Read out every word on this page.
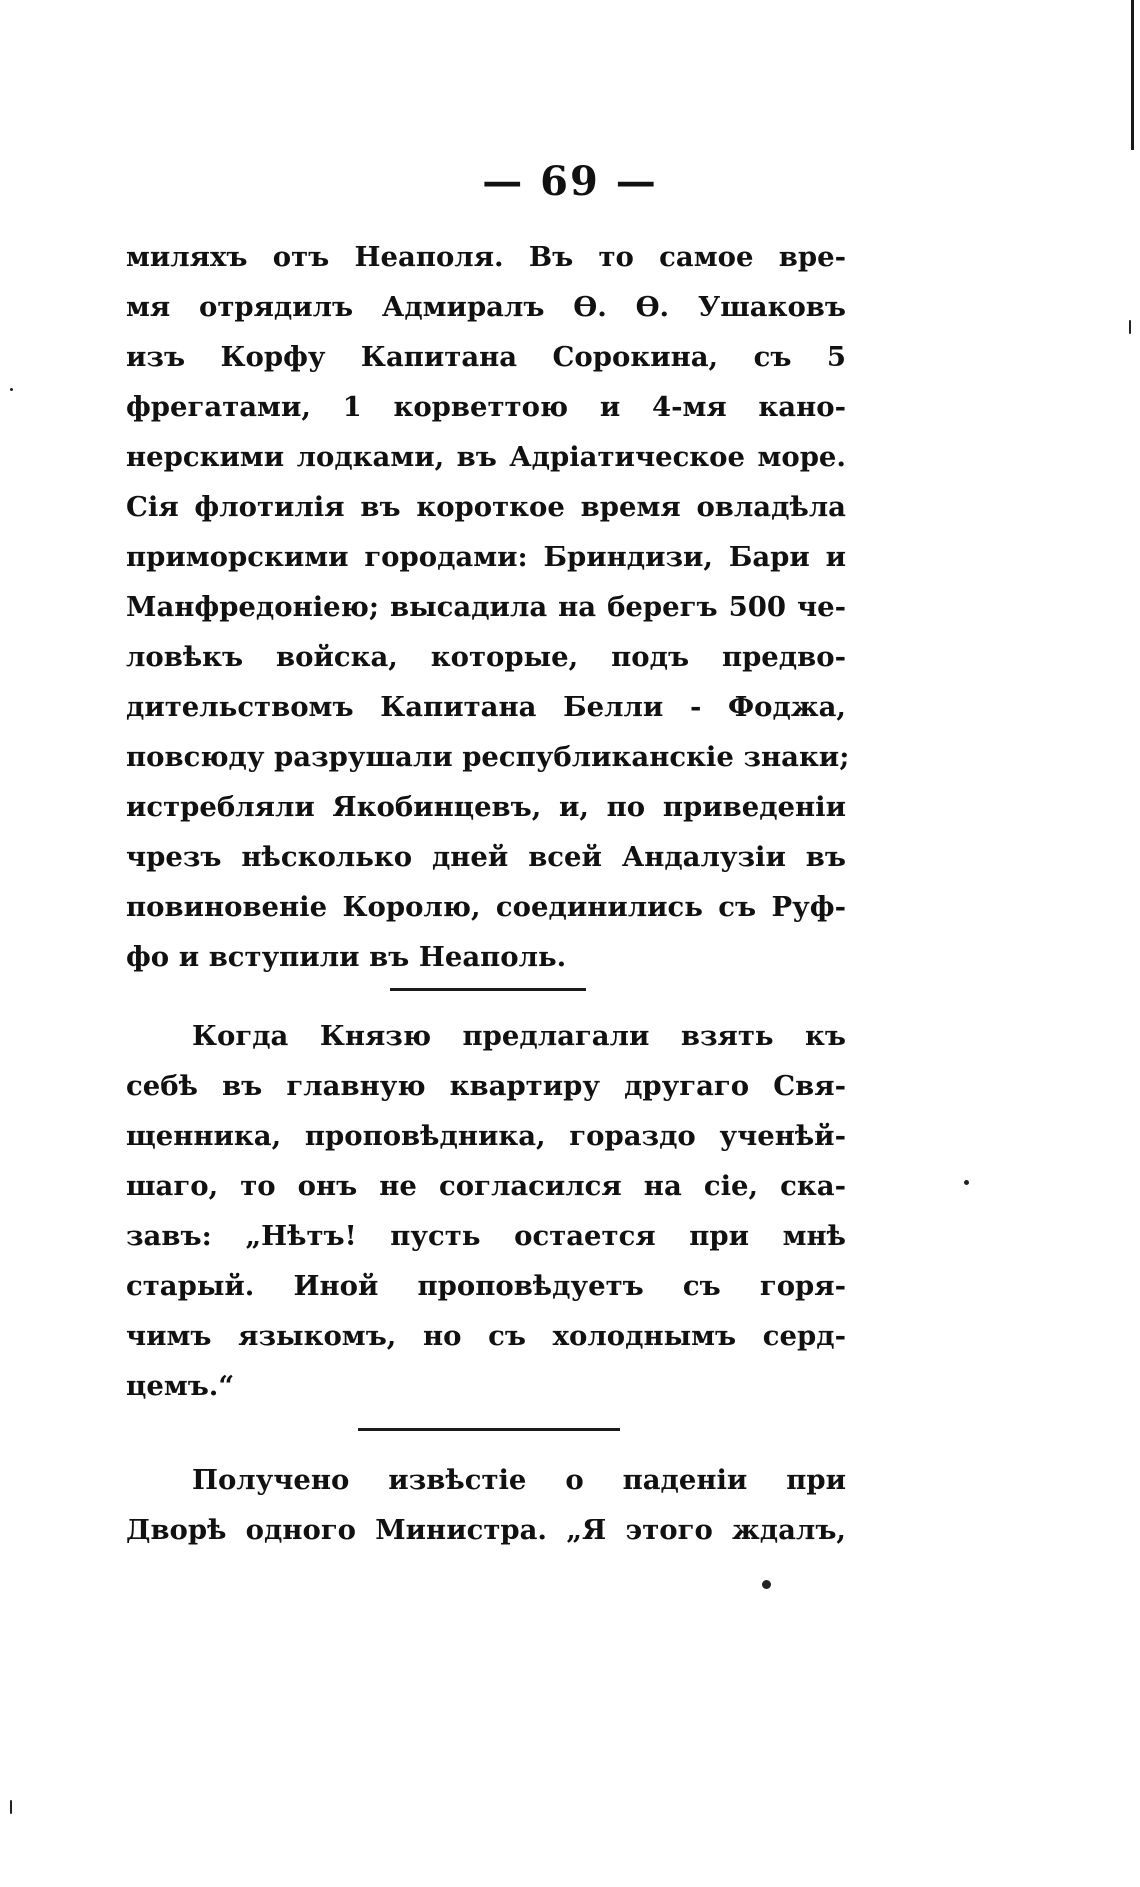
— 69 —
миляхъ отъ Неаполя. Въ то самое вре-
мя отрядилъ Адмиралъ Ѳ. Ѳ. Ушаковъ
изъ Корфу Капитана Сорокина, съ 5
фрегатами, 1 корветтою и 4-мя кано-
нерскими лодками, въ Адріатическое море.
Сія флотилія въ короткое время овладѣла
приморскими городами: Бриндизи, Бари и
Манфредоніею; высадила на берегъ 500 че-
ловѣкъ войска, которые, подъ предво-
дительствомъ Капитана Белли - Фоджа,
повсюду разрушали республиканскіе знаки;
истребляли Якобинцевъ, и, по приведеніи
чрезъ нѣсколько дней всей Андалузіи въ
повиновеніе Королю, соединились съ Руф-
фо и вступили въ Неаполь.
Когда Князю предлагали взять къ
себѣ въ главную квартиру другаго Свя-
щенника, проповѣдника, гораздо ученѣй-
шаго, то онъ не согласился на сіе, ска-
завъ: „Нѣтъ! пусть остается при мнѣ
старый. Иной проповѣдуетъ съ горя-
чимъ языкомъ, но съ холоднымъ серд-
цемъ.“
Получено извѣстіе о паденіи при
Дворѣ одного Министра. „Я этого ждалъ,
